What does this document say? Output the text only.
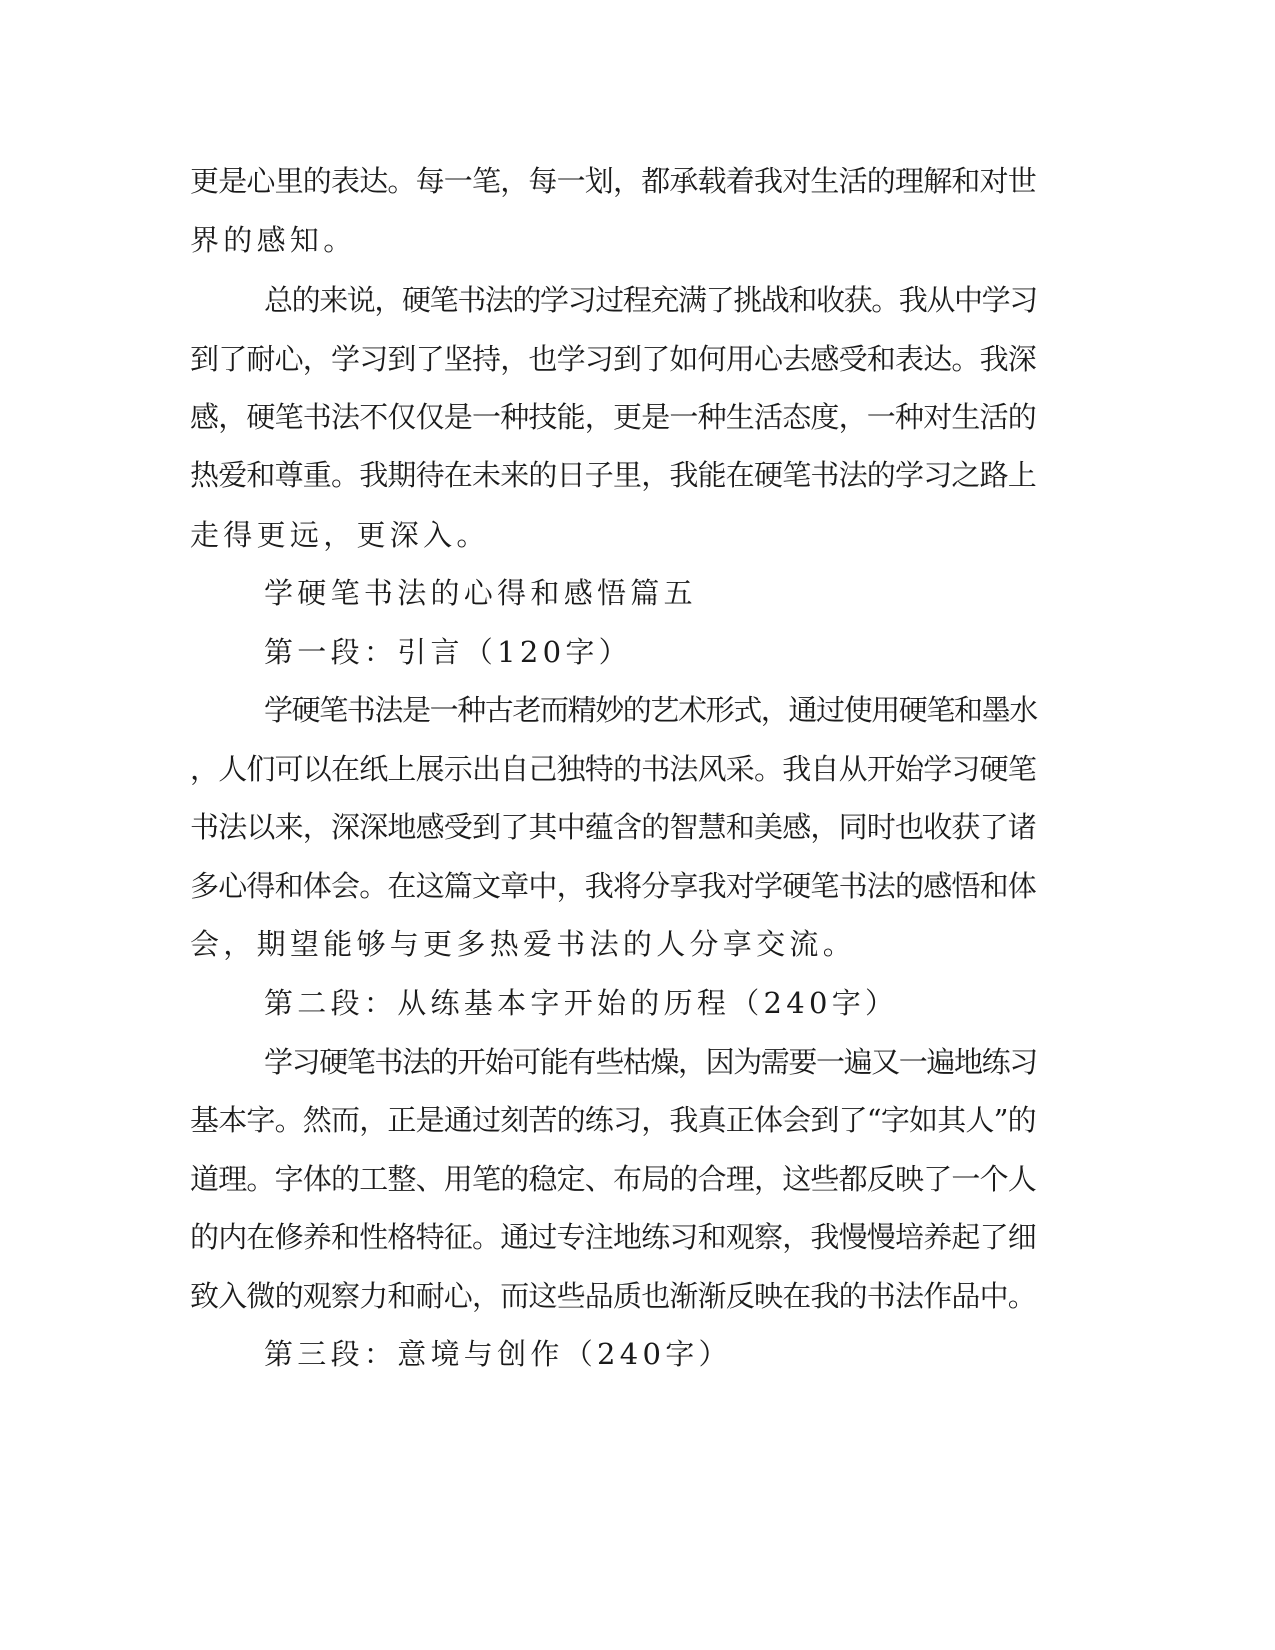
更是心里的表达。每一笔，每一划，都承载着我对生活的理解和对世

界的感知。

总的来说，硬笔书法的学习过程充满了挑战和收获。我从中学习

到了耐心，学习到了坚持，也学习到了如何用心去感受和表达。我深

感，硬笔书法不仅仅是一种技能，更是一种生活态度，一种对生活的

热爱和尊重。我期待在未来的日子里，我能在硬笔书法的学习之路上

走得更远，更深入。

学硬笔书法的心得和感悟篇五

第一段：引言（120字）

学硬笔书法是一种古老而精妙的艺术形式，通过使用硬笔和墨水

，人们可以在纸上展示出自己独特的书法风采。我自从开始学习硬笔

书法以来，深深地感受到了其中蕴含的智慧和美感，同时也收获了诸

多心得和体会。在这篇文章中，我将分享我对学硬笔书法的感悟和体

会，期望能够与更多热爱书法的人分享交流。

第二段：从练基本字开始的历程（240字）

学习硬笔书法的开始可能有些枯燥，因为需要一遍又一遍地练习

基本字。然而，正是通过刻苦的练习，我真正体会到了“字如其人”的

道理。字体的工整、用笔的稳定、布局的合理，这些都反映了一个人

的内在修养和性格特征。通过专注地练习和观察，我慢慢培养起了细

致入微的观察力和耐心，而这些品质也渐渐反映在我的书法作品中。

第三段：意境与创作（240字）
